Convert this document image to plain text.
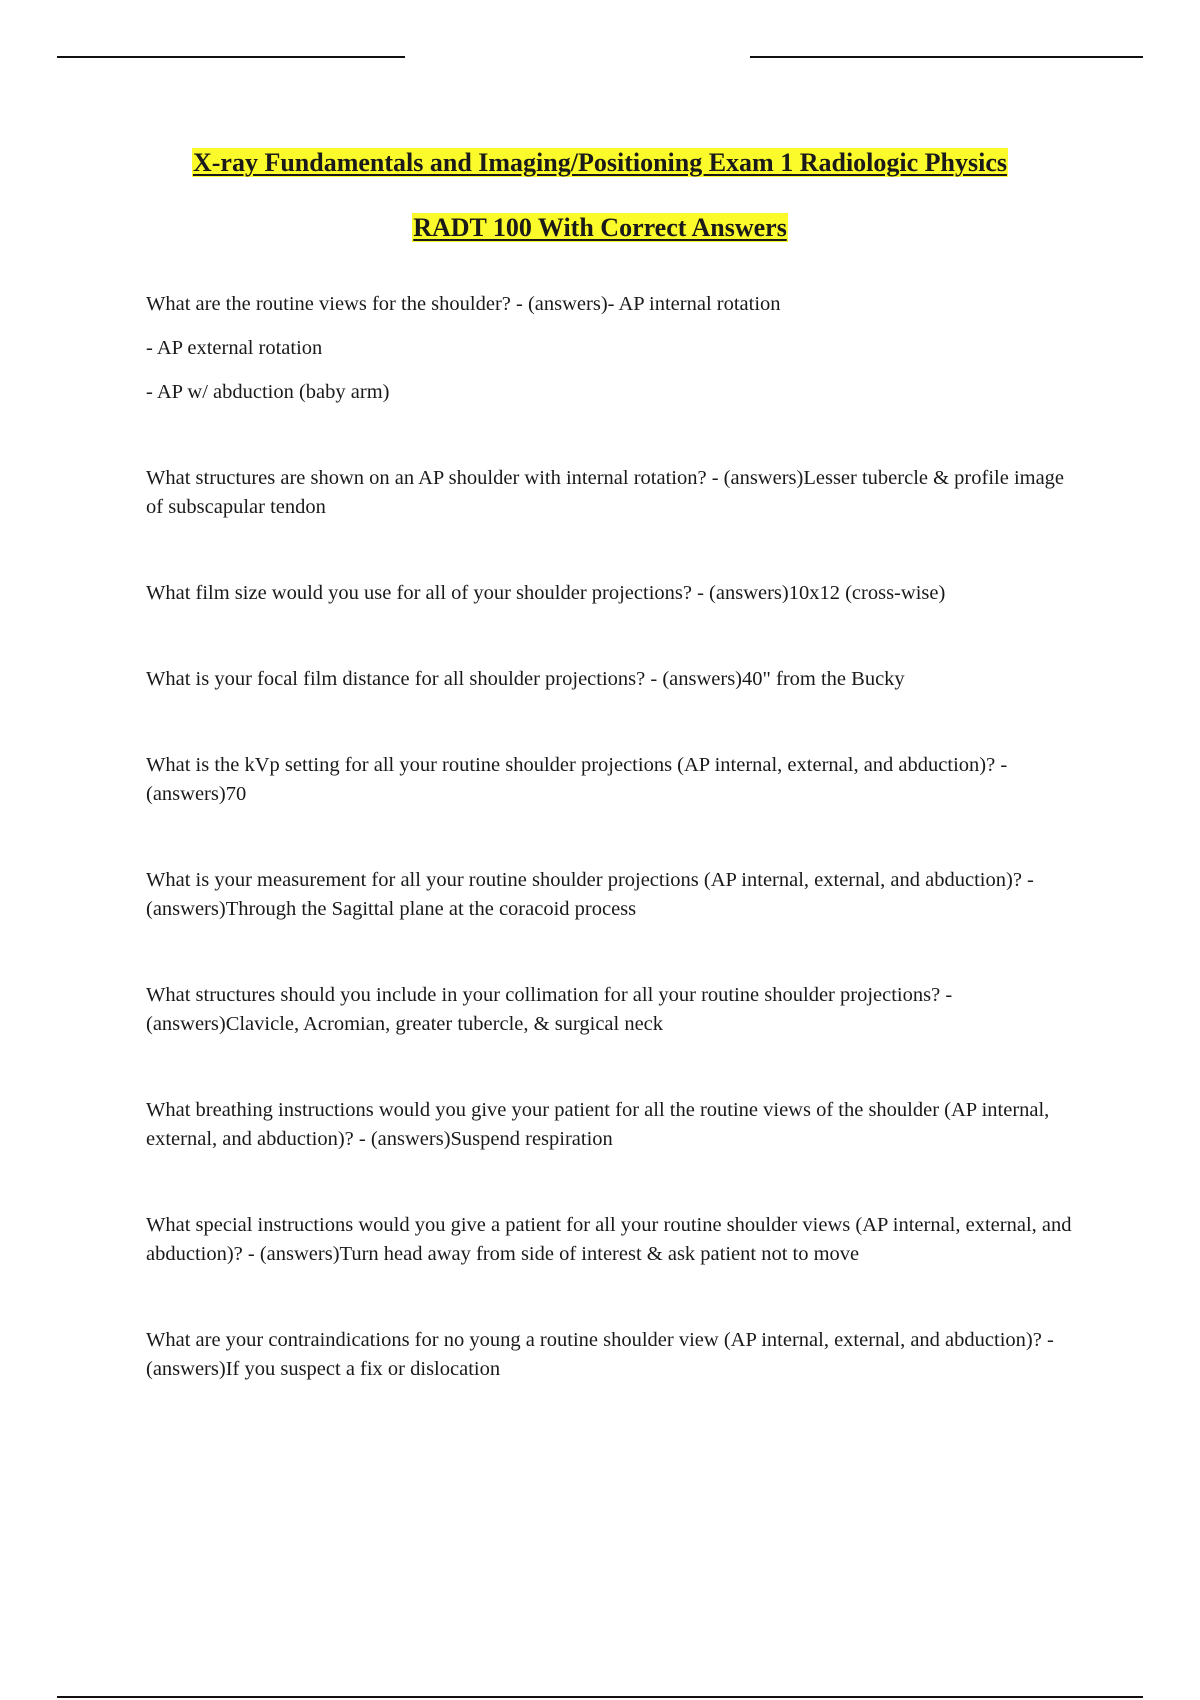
X-ray Fundamentals and Imaging/Positioning Exam 1 Radiologic Physics
RADT 100 With Correct Answers

What are the routine views for the shoulder? - (answers)- AP internal rotation

- AP external rotation

- AP w/ abduction (baby arm)

What structures are shown on an AP shoulder with internal rotation? - (answers)Lesser tubercle & profile image of subscapular tendon

What film size would you use for all of your shoulder projections? - (answers)10x12 (cross-wise)

What is your focal film distance for all shoulder projections? - (answers)40" from the Bucky

What is the kVp setting for all your routine shoulder projections (AP internal, external, and abduction)? - (answers)70

What is your measurement for all your routine shoulder projections (AP internal, external, and abduction)? - (answers)Through the Sagittal plane at the coracoid process

What structures should you include in your collimation for all your routine shoulder projections? - (answers)Clavicle, Acromian, greater tubercle, & surgical neck

What breathing instructions would you give your patient for all the routine views of the shoulder (AP internal, external, and abduction)? - (answers)Suspend respiration

What special instructions would you give a patient for all your routine shoulder views (AP internal, external, and abduction)? - (answers)Turn head away from side of interest & ask patient not to move

What are your contraindications for no young a routine shoulder view (AP internal, external, and abduction)? - (answers)If you suspect a fix or dislocation
